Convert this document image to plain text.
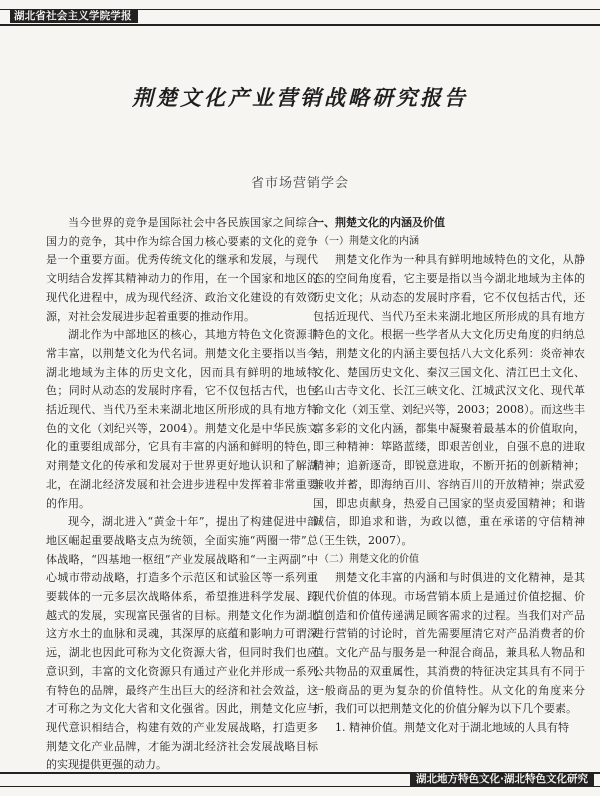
湖北省社会主义学院学报
荆楚文化产业营销战略研究报告
省市场营销学会

当今世界的竞争是国际社会中各民族国家之间综合国力的竞争，其中作为综合国力核心要素的文化的竞争是一个重要方面。优秀传统文化的继承和发展，与现代文明结合发挥其精神动力的作用，在一个国家和地区的现代化进程中，成为现代经济、政治文化建设的有效资源，对社会发展进步起着重要的推动作用。

湖北作为中部地区的核心，其地方特色文化资源非常丰富，以荆楚文化为代名词。荆楚文化主要指以当今湖北地域为主体的历史文化，因而具有鲜明的地域特色；同时从动态的发展时序看，它不仅包括古代，也包括近现代、当代乃至未来湖北地区所形成的具有地方特色的文化（刘纪兴等，2004）。荆楚文化是中华民族文化的重要组成部分，它具有丰富的内涵和鲜明的特色，对荆楚文化的传承和发展对于世界更好地认识和了解湖北，在湖北经济发展和社会进步进程中发挥着非常重要的作用。

现今，湖北进入“黄金十年”，提出了构建促进中部地区崛起重要战略支点为统领，全面实施“两圈一带”总体战略，“四基地一枢纽”产业发展战略和“一主两副”中心城市带动战略，打造多个示范区和试验区等一系列重要载体的一元多层次战略体系，希望推进科学发展、跨越式的发展，实现富民强省的目标。荆楚文化作为湖北这方水土的血脉和灵魂，其深厚的底蕴和影响力可谓深远，湖北也因此可称为文化资源大省，但同时我们也应意识到，丰富的文化资源只有通过产业化并形成一系列有特色的品牌，最终产生出巨大的经济和社会效益，这才可称之为文化大省和文化强省。因此，荆楚文化应与现代意识相结合，构建有效的产业发展战略，打造更多荆楚文化产业品牌，才能为湖北经济社会发展战略目标的实现提供更强的动力。

一、荆楚文化的内涵及价值

（一）荆楚文化的内涵

荆楚文化作为一种具有鲜明地域特色的文化，从静态的空间角度看，它主要是指以当今湖北地域为主体的历史文化；从动态的发展时序看，它不仅包括古代，还包括近现代、当代乃至未来湖北地区所形成的具有地方特色的文化。根据一些学者从大文化历史角度的归纳总结，荆楚文化的内涵主要包括八大文化系列：炎帝神农文化、楚国历史文化、秦汉三国文化、清江巴土文化、名山古寺文化、长江三峡文化、江城武汉文化、现代革命文化（刘玉堂、刘纪兴等，2003；2008）。而这些丰富多彩的文化内涵，都集中凝聚着最基本的价值取向，即三种精神：筚路蓝缕，即艰苦创业，自强不息的进取精神；追新逐奇，即锐意进取，不断开拓的创新精神；兼收并蓄，即海纳百川、容纳百川的开放精神；崇武爱国，即忠贞献身，热爱自己国家的坚贞爱国精神；和谐诚信，即追求和谐，为政以德，重在承诺的守信精神（王生铁，2007）。

（二）荆楚文化的价值

荆楚文化丰富的内涵和与时俱进的文化精神，是其现代价值的体现。市场营销本质上是通过价值挖掘、价值创造和价值传递满足顾客需求的过程。当我们对产品进行营销的讨论时，首先需要厘清它对产品消费者的价值。文化产品与服务是一种混合商品，兼具私人物品和公共物品的双重属性，其消费的特征决定其具有不同于一般商品的更为复杂的价值特性。从文化的角度来分析，我们可以把荆楚文化的价值分解为以下几个要素。

1. 精神价值。荆楚文化对于湖北地域的人具有特

湖北地方特色文化·湖北特色文化研究
